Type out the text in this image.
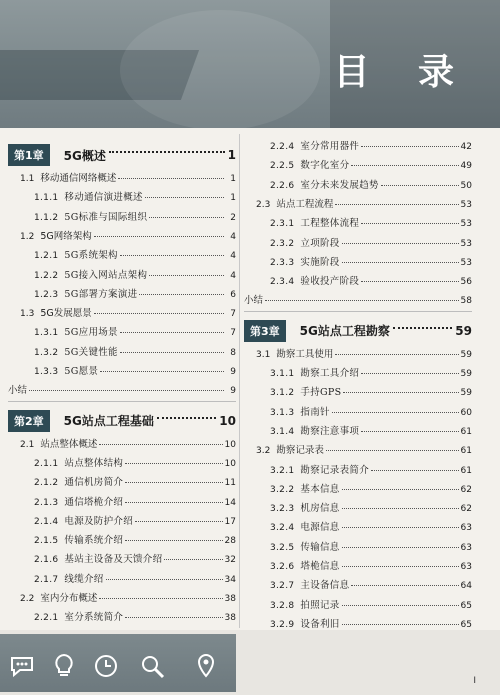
目 录
第1章	5G概述	1
1.1 移动通信网络概述	1
1.1.1 移动通信演进概述	1
1.1.2 5G标准与国际组织	2
1.2 5G网络架构	4
1.2.1 5G系统架构	4
1.2.2 5G接入网站点架构	4
1.2.3 5G部署方案演进	6
1.3 5G发展愿景	7
1.3.1 5G应用场景	7
1.3.2 5G关键性能	8
1.3.3 5G愿景	9
小结	9
第2章	5G站点工程基础	10
2.1 站点整体概述	10
2.1.1 站点整体结构	10
2.1.2 通信机房简介	11
2.1.3 通信塔桅介绍	14
2.1.4 电源及防护介绍	17
2.1.5 传输系统介绍	28
2.1.6 基站主设备及天馈介绍	32
2.1.7 线缆介绍	34
2.2 室内分布概述	38
2.2.1 室分系统简介	38
2.2.4 室分常用器件	42
2.2.5 数字化室分	49
2.2.6 室分未来发展趋势	50
2.3 站点工程流程	53
2.3.1 工程整体流程	53
2.3.2 立项阶段	53
2.3.3 实施阶段	53
2.3.4 验收投产阶段	56
小结	58
第3章	5G站点工程勘察	59
3.1 勘察工具使用	59
3.1.1 勘察工具介绍	59
3.1.2 手持GPS	59
3.1.3 指南针	60
3.1.4 勘察注意事项	61
3.2 勘察记录表	61
3.2.1 勘察记录表简介	61
3.2.2 基本信息	62
3.2.3 机房信息	62
3.2.4 电源信息	63
3.2.5 传输信息	63
3.2.6 塔桅信息	63
3.2.7 主设备信息	64
3.2.8 拍照记录	65
3.2.9 设备利旧	65
I
